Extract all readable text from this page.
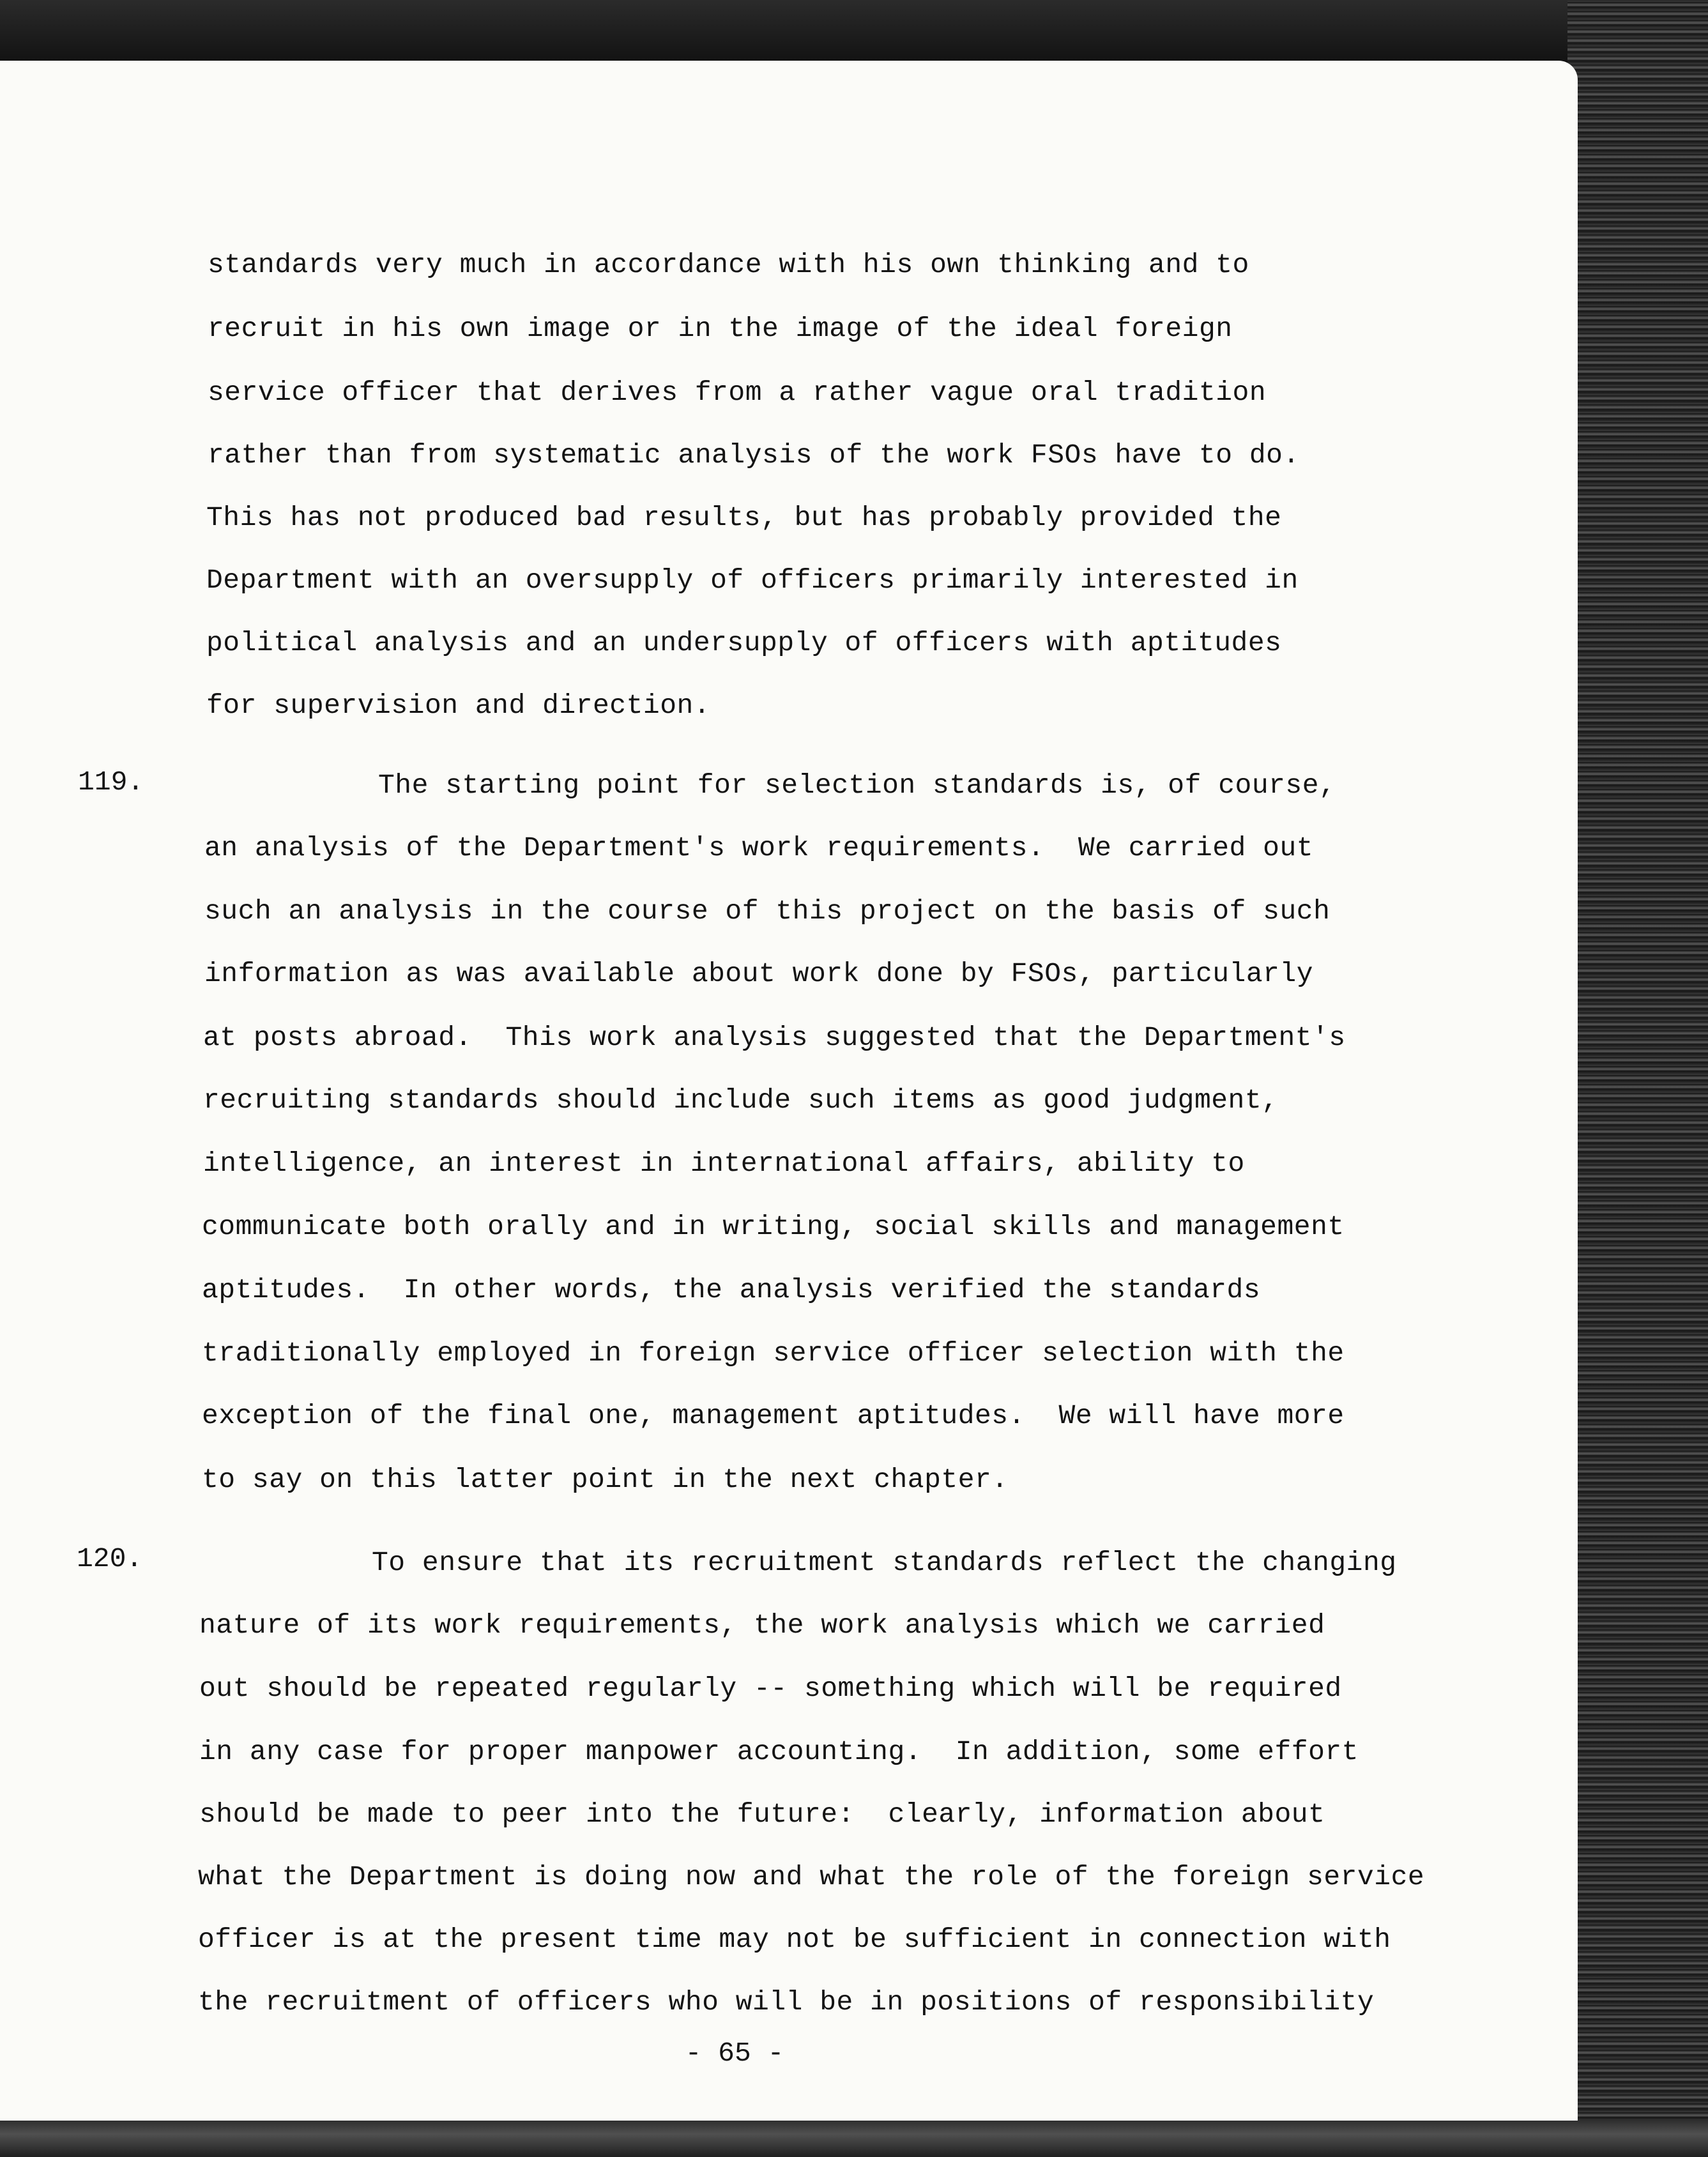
standards very much in accordance with his own thinking and to

recruit in his own image or in the image of the ideal foreign

service officer that derives from a rather vague oral tradition

rather than from systematic analysis of the work FSOs have to do.

This has not produced bad results, but has probably provided the

Department with an oversupply of officers primarily interested in

political analysis and an undersupply of officers with aptitudes

for supervision and direction.

119.	The starting point for selection standards is, of course,

an analysis of the Department's work requirements.  We carried out

such an analysis in the course of this project on the basis of such

information as was available about work done by FSOs, particularly

at posts abroad.  This work analysis suggested that the Department's

recruiting standards should include such items as good judgment,

intelligence, an interest in international affairs, ability to

communicate both orally and in writing, social skills and management

aptitudes.  In other words, the analysis verified the standards

traditionally employed in foreign service officer selection with the

exception of the final one, management aptitudes.  We will have more

to say on this latter point in the next chapter.

120.	To ensure that its recruitment standards reflect the changing

nature of its work requirements, the work analysis which we carried

out should be repeated regularly -- something which will be required

in any case for proper manpower accounting.  In addition, some effort

should be made to peer into the future:  clearly, information about

what the Department is doing now and what the role of the foreign service

officer is at the present time may not be sufficient in connection with

the recruitment of officers who will be in positions of responsibility

- 65 -
